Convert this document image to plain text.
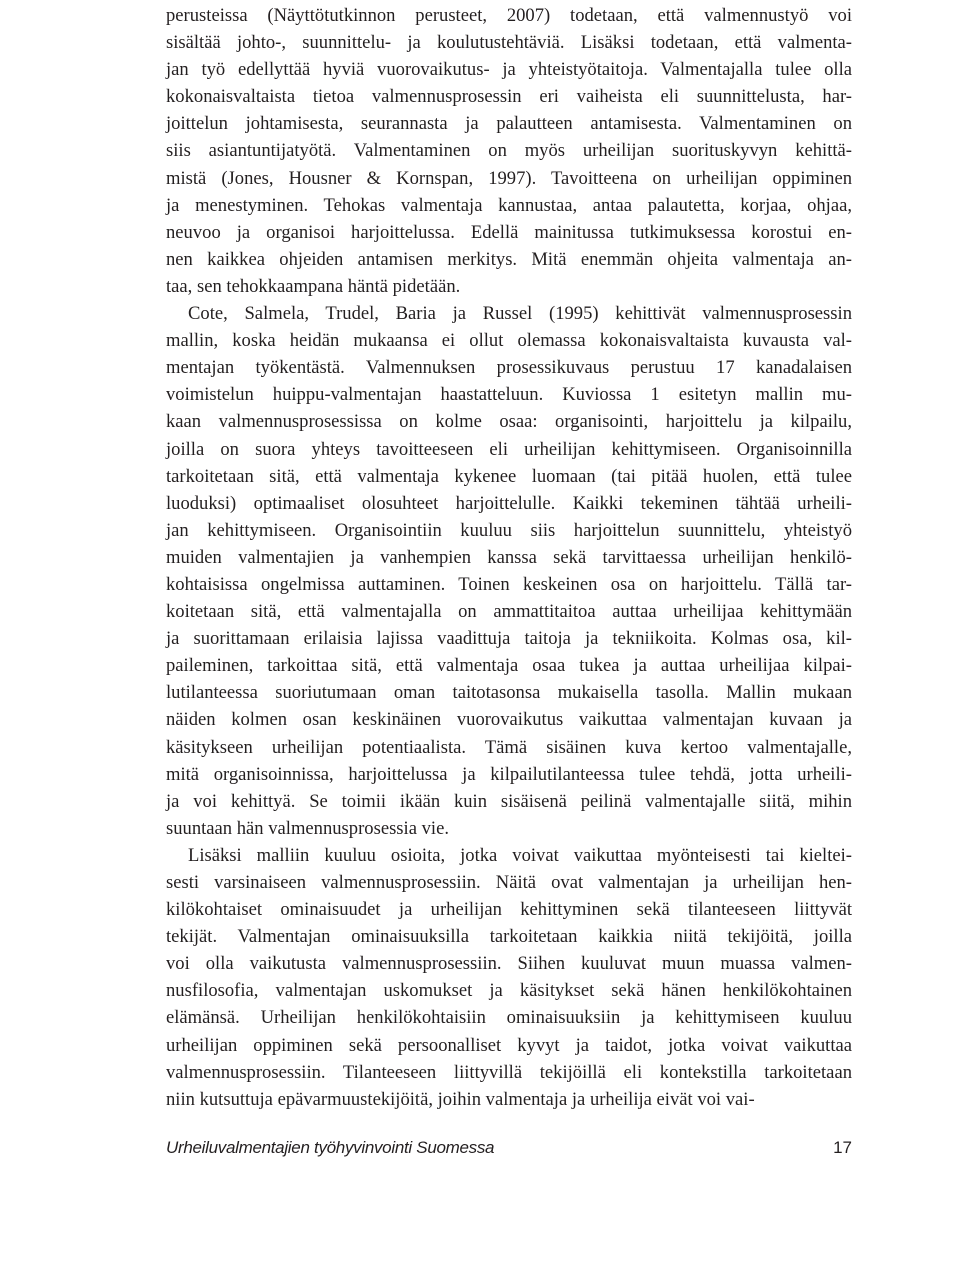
perusteissa (Näyttötutkinnon perusteet, 2007) todetaan, että valmennustyö voi
sisältää johto-, suunnittelu- ja koulutustehtäviä. Lisäksi todetaan, että valmenta-
jan työ edellyttää hyviä vuorovaikutus- ja yhteistyötaitoja. Valmentajalla tulee olla
kokonaisvaltaista tietoa valmennusprosessin eri vaiheista eli suunnittelusta, har-
joittelun johtamisesta, seurannasta ja palautteen antamisesta. Valmentaminen on
siis asiantuntijatyötä. Valmentaminen on myös urheilijan suorituskyvyn kehittä-
mistä (Jones, Housner & Kornspan, 1997). Tavoitteena on urheilijan oppiminen
ja menestyminen. Tehokas valmentaja kannustaa, antaa palautetta, korjaa, ohjaa,
neuvoo ja organisoi harjoittelussa. Edellä mainitussa tutkimuksessa korostui en-
nen kaikkea ohjeiden antamisen merkitys. Mitä enemmän ohjeita valmentaja an-
taa, sen tehokkaampana häntä pidetään.
Cote, Salmela, Trudel, Baria ja Russel (1995) kehittivät valmennusprosessin
mallin, koska heidän mukaansa ei ollut olemassa kokonaisvaltaista kuvausta val-
mentajan työkentästä. Valmennuksen prosessikuvaus perustuu 17 kanadalaisen
voimistelun huippu-valmentajan haastatteluun. Kuviossa 1 esitetyn mallin mu-
kaan valmennusprosessissa on kolme osaa: organisointi, harjoittelu ja kilpailu,
joilla on suora yhteys tavoitteeseen eli urheilijan kehittymiseen. Organisoinnilla
tarkoitetaan sitä, että valmentaja kykenee luomaan (tai pitää huolen, että tulee
luoduksi) optimaaliset olosuhteet harjoittelulle. Kaikki tekeminen tähtää urheili-
jan kehittymiseen. Organisointiin kuuluu siis harjoittelun suunnittelu, yhteistyö
muiden valmentajien ja vanhempien kanssa sekä tarvittaessa urheilijan henkilö-
kohtaisissa ongelmissa auttaminen. Toinen keskeinen osa on harjoittelu. Tällä tar-
koitetaan sitä, että valmentajalla on ammattitaitoa auttaa urheilijaa kehittymään
ja suorittamaan erilaisia lajissa vaadittuja taitoja ja tekniikoita. Kolmas osa, kil-
paileminen, tarkoittaa sitä, että valmentaja osaa tukea ja auttaa urheilijaa kilpai-
lutilanteessa suoriutumaan oman taitotasonsa mukaisella tasolla. Mallin mukaan
näiden kolmen osan keskinäinen vuorovaikutus vaikuttaa valmentajan kuvaan ja
käsitykseen urheilijan potentiaalista. Tämä sisäinen kuva kertoo valmentajalle,
mitä organisoinnissa, harjoittelussa ja kilpailutilanteessa tulee tehdä, jotta urheili-
ja voi kehittyä. Se toimii ikään kuin sisäisenä peilinä valmentajalle siitä, mihin
suuntaan hän valmennusprosessia vie.
Lisäksi malliin kuuluu osioita, jotka voivat vaikuttaa myönteisesti tai kieltei-
sesti varsinaiseen valmennusprosessiin. Näitä ovat valmentajan ja urheilijan hen-
kilökohtaiset ominaisuudet ja urheilijan kehittyminen sekä tilanteeseen liittyvät
tekijät. Valmentajan ominaisuuksilla tarkoitetaan kaikkia niitä tekijöitä, joilla
voi olla vaikutusta valmennusprosessiin. Siihen kuuluvat muun muassa valmen-
nusfilosofia, valmentajan uskomukset ja käsitykset sekä hänen henkilökohtainen
elämänsä. Urheilijan henkilökohtaisiin ominaisuuksiin ja kehittymiseen kuuluu
urheilijan oppiminen sekä persoonalliset kyvyt ja taidot, jotka voivat vaikuttaa
valmennusprosessiin. Tilanteeseen liittyvillä tekijöillä eli kontekstilla tarkoitetaan
niin kutsuttuja epävarmuustekijöitä, joihin valmentaja ja urheilija eivät voi vai-
Urheiluvalmentajien työhyvinvointi Suomessa	17
